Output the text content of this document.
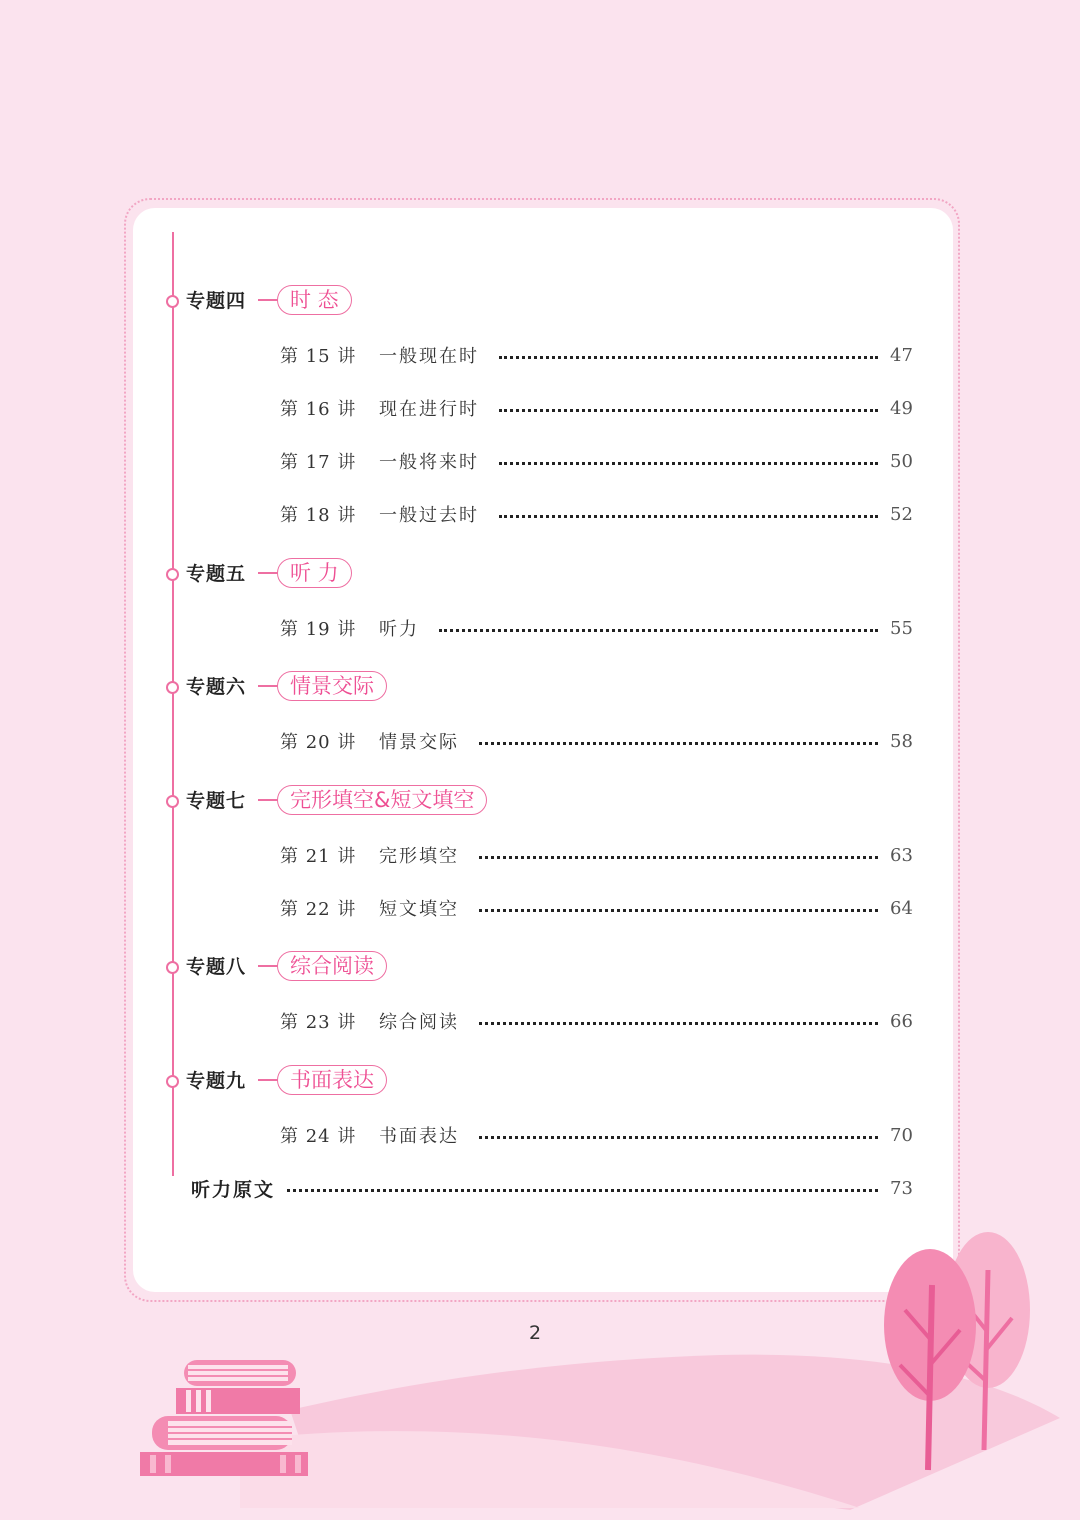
专题四	时 态
第 15 讲	一般现在时	47
第 16 讲	现在进行时	49
第 17 讲	一般将来时	50
第 18 讲	一般过去时	52
专题五	听 力
第 19 讲	听力	55
专题六	情景交际
第 20 讲	情景交际	58
专题七	完形填空&短文填空
第 21 讲	完形填空	63
第 22 讲	短文填空	64
专题八	综合阅读
第 23 讲	综合阅读	66
专题九	书面表达
第 24 讲	书面表达	70
听力原文	73
2
